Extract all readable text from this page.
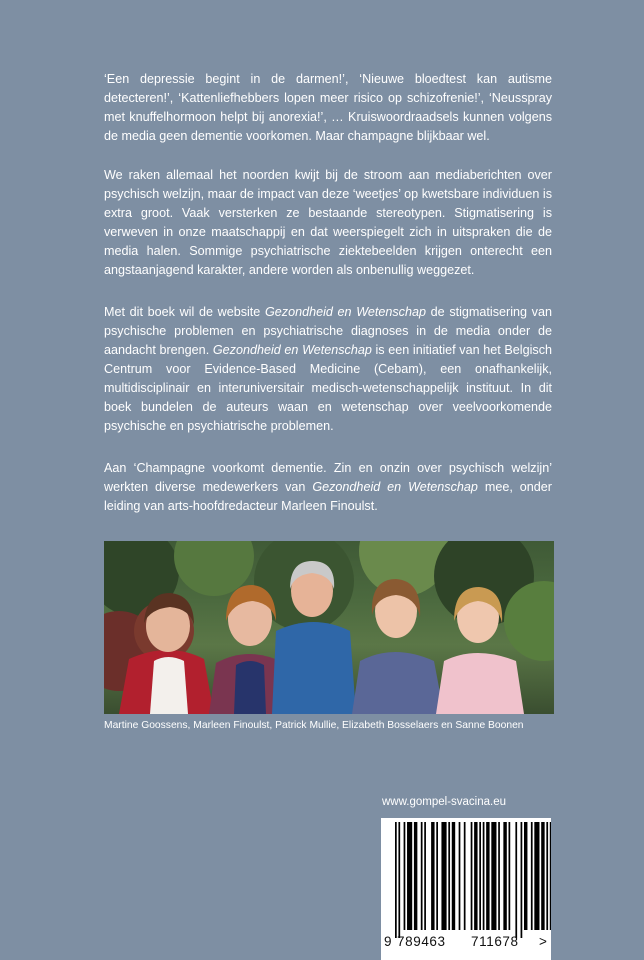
‘Een depressie begint in de darmen!’, ‘Nieuwe bloedtest kan autisme detecteren!’, ‘Kattenliefhebbers lopen meer risico op schizofrenie!’, ‘Neusspray met knuffelhormoon helpt bij anorexia!’, … Kruiswoordraadsels kunnen volgens de media geen dementie voorkomen. Maar champagne blijkbaar wel.

We raken allemaal het noorden kwijt bij de stroom aan mediaberichten over psychisch welzijn, maar de impact van deze ‘weetjes’ op kwetsbare individuen is extra groot. Vaak versterken ze bestaande stereotypen. Stigmatisering is verweven in onze maatschappij en dat weerspiegelt zich in uitspraken die de media halen. Sommige psychiatrische ziektebeelden krijgen onterecht een angstaanjagend karakter, andere worden als onbenullig weggezet.

Met dit boek wil de website Gezondheid en Wetenschap de stigmatisering van psychische problemen en psychiatrische diagnoses in de media onder de aandacht brengen. Gezondheid en Wetenschap is een initiatief van het Belgisch Centrum voor Evidence-Based Medicine (Cebam), een onafhankelijk, multidisciplinair en interuniversitair medisch-wetenschappelijk instituut. In dit boek bundelen de auteurs waan en wetenschap over veelvoorkomende psychische en psychiatrische problemen.

Aan ‘Champagne voorkomt dementie. Zin en onzin over psychisch welzijn’ werkten diverse medewerkers van Gezondheid en Wetenschap mee, onder leiding van arts-hoofdredacteur Marleen Finoulst.

Martine Goossens, Marleen Finoulst, Patrick Mullie, Elizabeth Bosselaers en Sanne Boonen
www.gompel-svacina.eu
9 789463 711678 >
